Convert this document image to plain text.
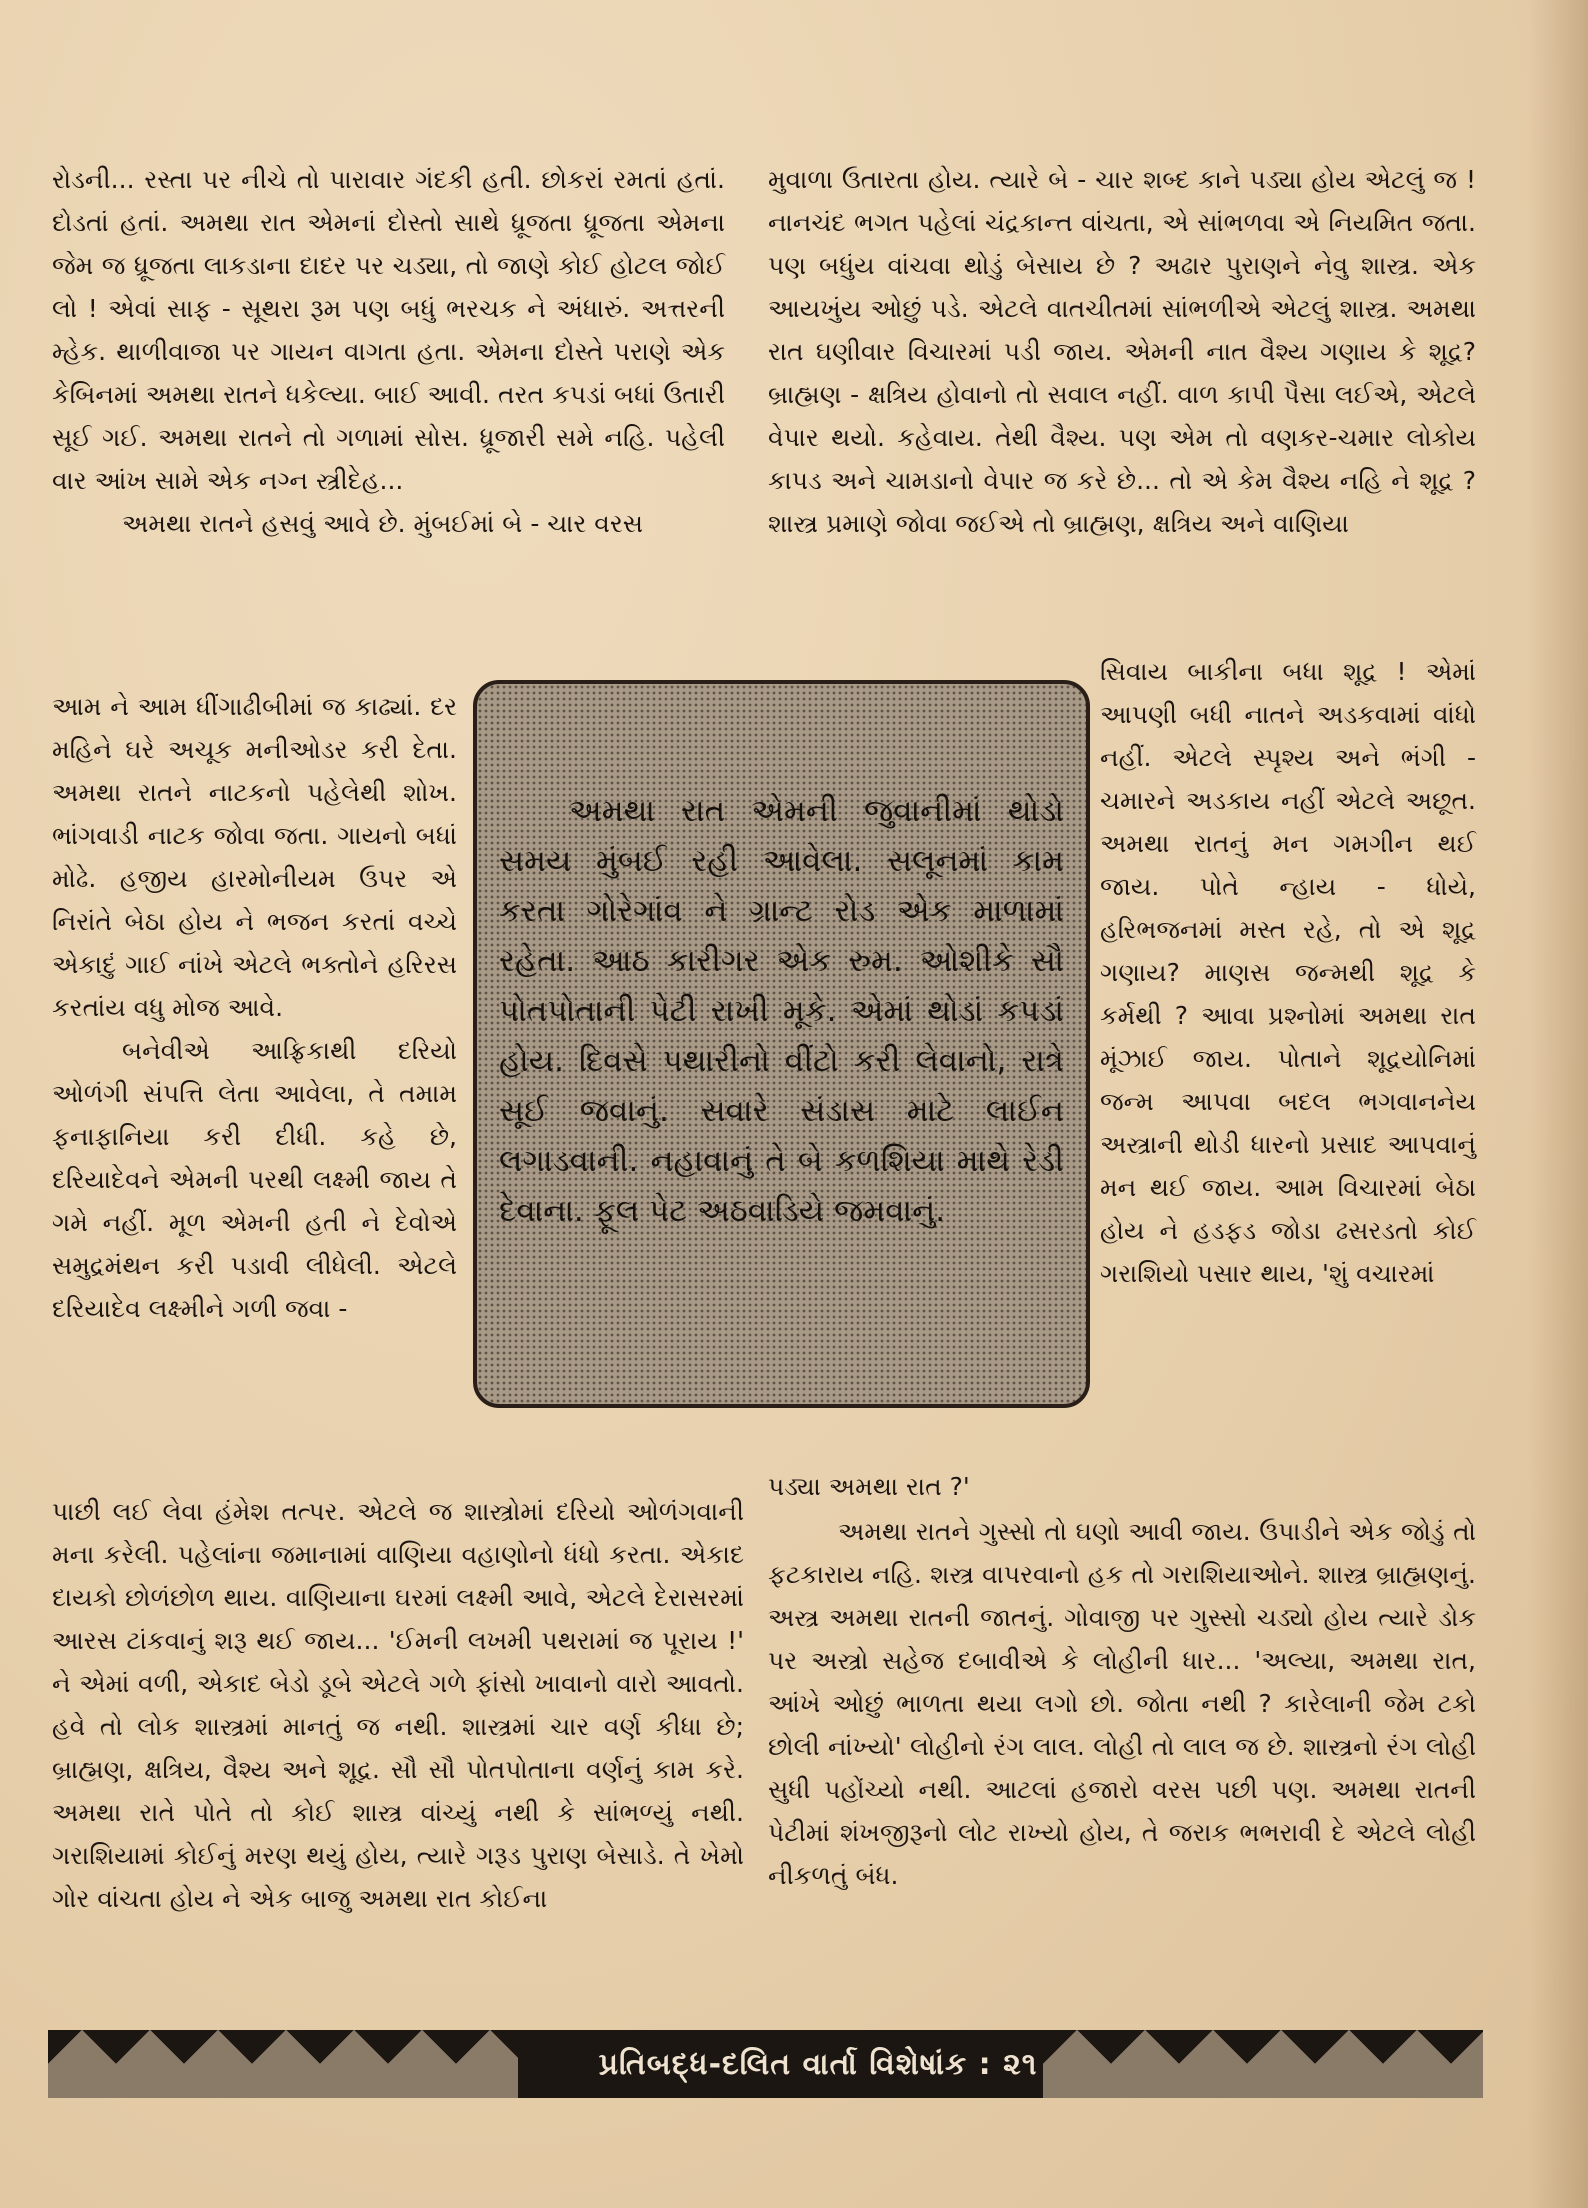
રોડની... રસ્તા પર નીચે તો પારાવાર ગંદકી હતી. છોકરાં રમતાં હતાં. દોડતાં હતાં. અમથા રાત એમનાં દોસ્તો સાથે ધ્રૂજતા ધ્રૂજતા એમના જેમ જ ધ્રૂજતા લાકડાના દાદર પર ચડ્યા, તો જાણે કોઈ હોટલ જોઈ લો ! એવાં સાફ - સૂથરા રૂમ પણ બધું ભરચક ને અંધારું. અત્તરની મ્હેક. થાળીવાજા પર ગાયન વાગતા હતા. એમના દોસ્તે પરાણે એક કેબિનમાં અમથા રાતને ધકેલ્યા. બાઈ આવી. તરત કપડાં બધાં ઉતારી સૂઈ ગઈ. અમથા રાતને તો ગળામાં સોસ. ધ્રૂજારી સમે નહિ. પહેલી વાર આંખ સામે એક નગ્ન સ્ત્રીદેહ...

અમથા રાતને હસવું આવે છે. મુંબઈમાં બે - ચાર વરસ

આમ ને આમ ધીંગાઢીબીમાં જ કાઢ્યાં. દર મહિને ઘરે અચૂક મનીઓડર કરી દેતા. અમથા રાતને નાટકનો પહેલેથી શોખ. ભાંગવાડી નાટક જોવા જતા. ગાયનો બધાં મોઢે. હજીય હારમોનીયમ ઉપર એ નિરાંતે બેઠા હોય ને ભજન કરતાં વચ્ચે એકાદું ગાઈ નાંખે એટલે ભક્તોને હરિરસ કરતાંય વધુ મોજ આવે.

બનેવીએ આફ્રિકાથી દરિયો ઓળંગી સંપત્તિ લેતા આવેલા, તે તમામ ફનાફાનિયા કરી દીધી. કહે છે, દરિયાદેવને એમની પરથી લક્ષ્મી જાય તે ગમે નહીં. મૂળ એમની હતી ને દેવોએ સમુદ્રમંથન કરી પડાવી લીધેલી. એટલે દરિયાદેવ લક્ષ્મીને ગળી જવા -

અમથા રાત એમની જુવાનીમાં થોડો સમય મુંબઈ રહી આવેલા. સલૂનમાં કામ કરતા ગોરેગાંવ ને ગ્રાન્ટ રોડ એક માળામાં રહેતા. આઠ કારીગર એક રુમ. ઓશીકે સૌ પોતપોતાની પેટી રાખી મૂકે. એમાં થોડાં કપડાં હોય. દિવસે પથારીનો વીંટો કરી લેવાનો, રાત્રે સૂઈ જવાનું. સવારે સંડાસ માટે લાઈન લગાડવાની. નહાવાનું તે બે કળશિયા માથે રેડી દેવાના. ફૂલ પેટ અઠવાડિયે જમવાનું.

પાછી લઈ લેવા હંમેશ તત્પર. એટલે જ શાસ્ત્રોમાં દરિયો ઓળંગવાની મના કરેલી. પહેલાંના જમાનામાં વાણિયા વહાણોનો ધંધો કરતા. એકાદ દાયકો છોળંછોળ થાય. વાણિયાના ઘરમાં લક્ષ્મી આવે, એટલે દેરાસરમાં આરસ ટાંકવાનું શરૂ થઈ જાય... 'ઈમની લખમી પથરામાં જ પૂરાય !' ને એમાં વળી, એકાદ બેડો ડૂબે એટલે ગળે ફાંસો ખાવાનો વારો આવતો. હવે તો લોક શાસ્ત્રમાં માનતું જ નથી. શાસ્ત્રમાં ચાર વર્ણ કીધા છે; બ્રાહ્મણ, ક્ષત્રિય, વૈશ્ય અને શૂદ્ર. સૌ સૌ પોતપોતાના વર્ણનું કામ કરે. અમથા રાતે પોતે તો કોઈ શાસ્ત્ર વાંચ્યું નથી કે સાંભળ્યું નથી. ગરાશિયામાં કોઈનું મરણ થયું હોય, ત્યારે ગરૂડ પુરાણ બેસાડે. તે ખેમો ગોર વાંચતા હોય ને એક બાજુ અમથા રાત કોઈના

મુવાળા ઉતારતા હોય. ત્યારે બે - ચાર શબ્દ કાને પડ્યા હોય એટલું જ ! નાનચંદ ભગત પહેલાં ચંદ્રકાન્ત વાંચતા, એ સાંભળવા એ નિયમિત જતા. પણ બધુંય વાંચવા થોડું બેસાય છે ? અઢાર પુરાણને નેવુ શાસ્ત્ર. એક આયખુંય ઓછું પડે. એટલે વાતચીતમાં સાંભળીએ એટલું શાસ્ત્ર. અમથા રાત ઘણીવાર વિચારમાં પડી જાય. એમની નાત વૈશ્ય ગણાય કે શૂદ્ર? બ્રાહ્મણ - ક્ષત્રિય હોવાનો તો સવાલ નહીં. વાળ કાપી પૈસા લઈએ, એટલે વેપાર થયો. કહેવાય. તેથી વૈશ્ય. પણ એમ તો વણકર-ચમાર લોકોય કાપડ અને ચામડાનો વેપાર જ કરે છે... તો એ કેમ વૈશ્ય નહિ ને શૂદ્ર ? શાસ્ત્ર પ્રમાણે જોવા જઈએ તો બ્રાહ્મણ, ક્ષત્રિય અને વાણિયા

સિવાય બાકીના બધા શૂદ્ર ! એમાં આપણી બધી નાતને અડકવામાં વાંધો નહીં. એટલે સ્પૃશ્ય અને ભંગી - ચમારને અડકાય નહીં એટલે અછૂત. અમથા રાતનું મન ગમગીન થઈ જાય. પોતે ન્હાય - ધોયે, હરિભજનમાં મસ્ત રહે, તો એ શૂદ્ર ગણાય? માણસ જન્મથી શૂદ્ર કે કર્મથી ? આવા પ્રશ્નોમાં અમથા રાત મૂંઝાઈ જાય. પોતાને શૂદ્રયોનિમાં જન્મ આપવા બદલ ભગવાનનેય અસ્ત્રાની થોડી ધારનો પ્રસાદ આપવાનું મન થઈ જાય. આમ વિચારમાં બેઠા હોય ને હડફડ જોડા ઢસરડતો કોઈ ગરાશિયો પસાર થાય, 'શું વચારમાં

પડ્યા અમથા રાત ?'

અમથા રાતને ગુસ્સો તો ઘણો આવી જાય. ઉપાડીને એક જોડું તો ફટકારાય નહિ. શસ્ત્ર વાપરવાનો હક તો ગરાશિયાઓને. શાસ્ત્ર બ્રાહ્મણનું. અસ્ત્ર અમથા રાતની જાતનું. ગોવાજી પર ગુસ્સો ચડ્યો હોય ત્યારે ડોક પર અસ્ત્રો સહેજ દબાવીએ કે લોહીની ધાર... 'અલ્યા, અમથા રાત, આંખે ઓછું ભાળતા થયા લગો છો. જોતા નથી ? કારેલાની જેમ ટકો છોલી નાંખ્યો' લોહીનો રંગ લાલ. લોહી તો લાલ જ છે. શાસ્ત્રનો રંગ લોહી સુધી પહોંચ્યો નથી. આટલાં હજારો વરસ પછી પણ. અમથા રાતની પેટીમાં શંખજીરૂનો લોટ રાખ્યો હોય, તે જરાક ભભરાવી દે એટલે લોહી નીકળતું બંધ.

પ્રતિબદ્ધ-દલિત વાર્તા વિશેષાંક : ૨૧
